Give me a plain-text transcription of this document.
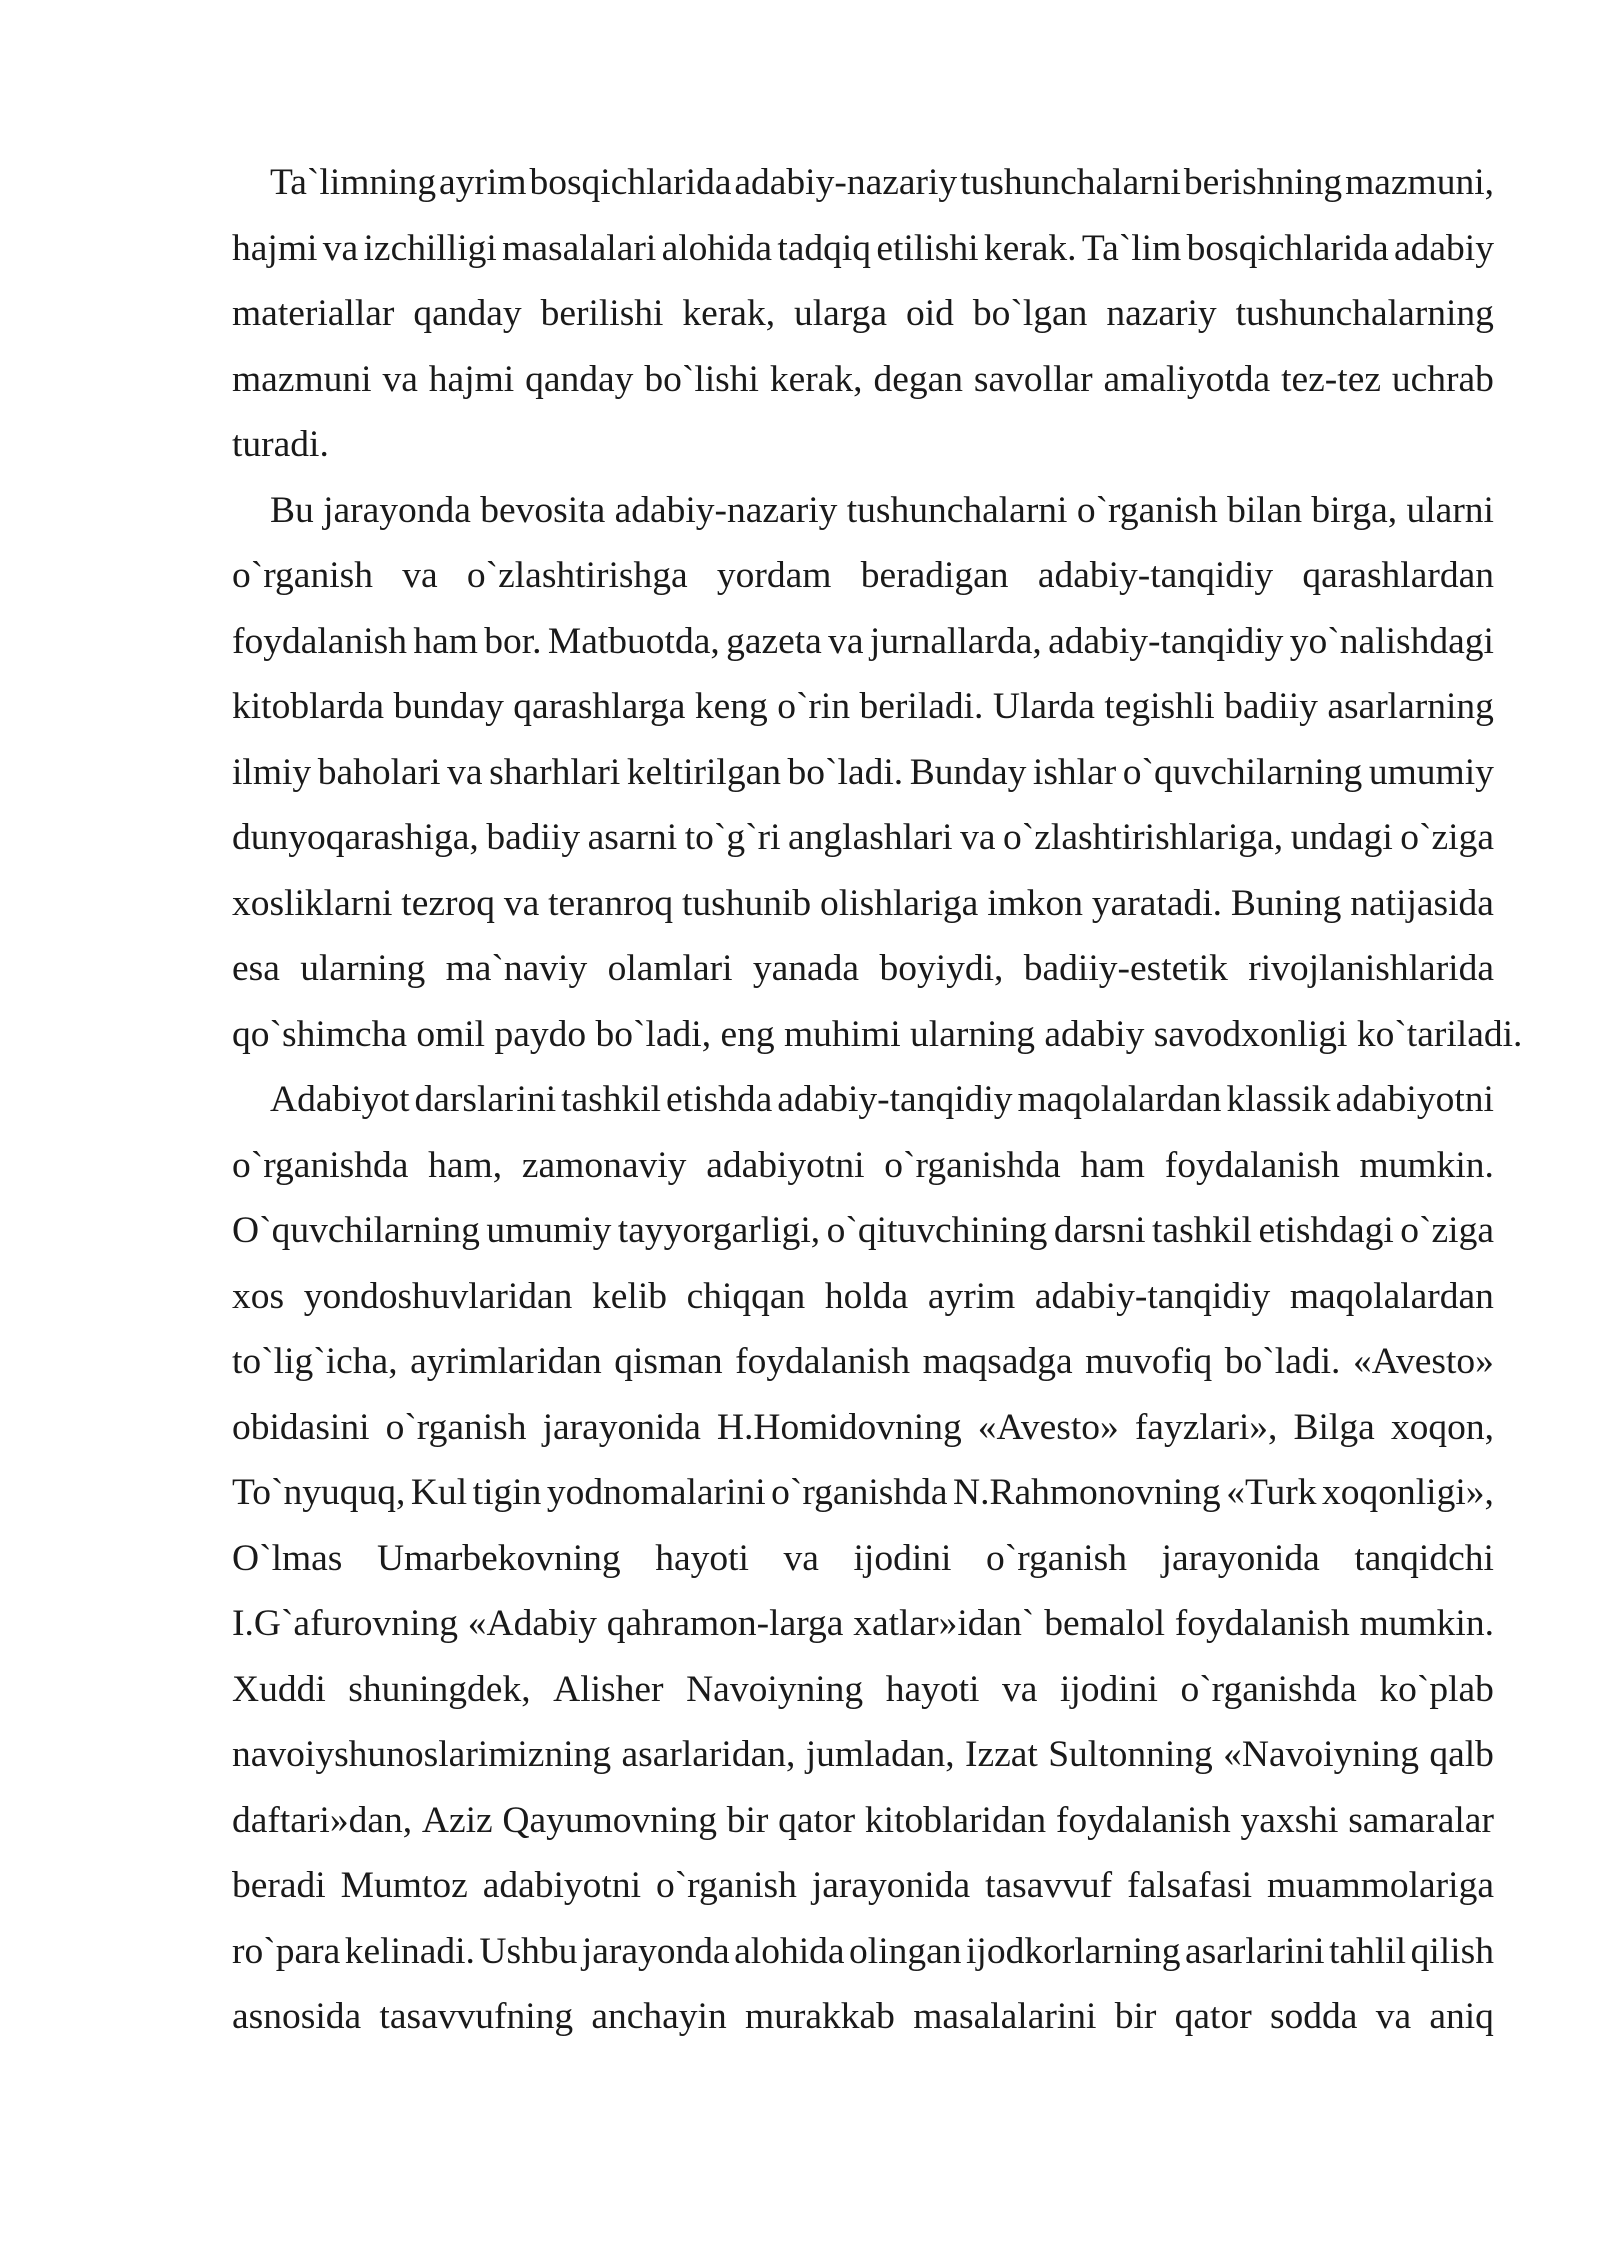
Ta`limning ayrim bosqichlarida adabiy-nazariy tushunchalarni berishning mazmuni,
hajmi va izchilligi masalalari alohida tadqiq etilishi kerak. Ta`lim bosqichlarida adabiy
materiallar qanday berilishi kerak, ularga oid bo`lgan nazariy tushunchalarning
mazmuni va hajmi qanday bo`lishi kerak, degan savollar amaliyotda tez-tez uchrab
turadi.
Bu jarayonda bevosita adabiy-nazariy tushunchalarni o`rganish bilan birga, ularni
o`rganish va o`zlashtirishga yordam beradigan adabiy-tanqidiy qarashlardan
foydalanish ham bor. Matbuotda, gazeta va jurnallarda, adabiy-tanqidiy yo`nalishdagi
kitoblarda bunday qarashlarga keng o`rin beriladi. Ularda tegishli badiiy asarlarning
ilmiy baholari va sharhlari keltirilgan bo`ladi. Bunday ishlar o`quvchilarning umumiy
dunyoqarashiga, badiiy asarni to`g`ri anglashlari va o`zlashtirishlariga, undagi o`ziga
xosliklarni tezroq va teranroq tushunib olishlariga imkon yaratadi. Buning natijasida
esa ularning ma`naviy olamlari yanada boyiydi, badiiy-estetik rivojlanishlarida
qo`shimcha omil paydo bo`ladi, eng muhimi ularning adabiy savodxonligi ko`tariladi.
Adabiyot darslarini tashkil etishda adabiy-tanqidiy maqolalardan klassik adabiyotni
o`rganishda ham, zamonaviy adabiyotni o`rganishda ham foydalanish mumkin.
O`quvchilarning umumiy tayyorgarligi, o`qituvchining darsni tashkil etishdagi o`ziga
xos yondoshuvlaridan kelib chiqqan holda ayrim adabiy-tanqidiy maqolalardan
to`lig`icha, ayrimlaridan qisman foydalanish maqsadga muvofiq bo`ladi. «Avesto»
obidasini o`rganish jarayonida H.Homidovning «Avesto» fayzlari», Bilga xoqon,
To`nyuquq, Kul tigin yodnomalarini o`rganishda N.Rahmonovning «Turk xoqonligi»,
O`lmas Umarbekovning hayoti va ijodini o`rganish jarayonida tanqidchi
I.G`afurovning «Adabiy qahramon-larga xatlar»idan` bemalol foydalanish mumkin.
Xuddi shuningdek, Alisher Navoiyning hayoti va ijodini o`rganishda ko`plab
navoiyshunoslarimizning asarlaridan, jumladan, Izzat Sultonning «Navoiyning qalb
daftari»dan, Aziz Qayumovning bir qator kitoblaridan foydalanish yaxshi samaralar
beradi Mumtoz adabiyotni o`rganish jarayonida tasavvuf falsafasi muammolariga
ro`para kelinadi. Ushbu jarayonda alohida olingan ijodkorlarning asarlarini tahlil qilish
asnosida tasavvufning anchayin murakkab masalalarini bir qator sodda va aniq
